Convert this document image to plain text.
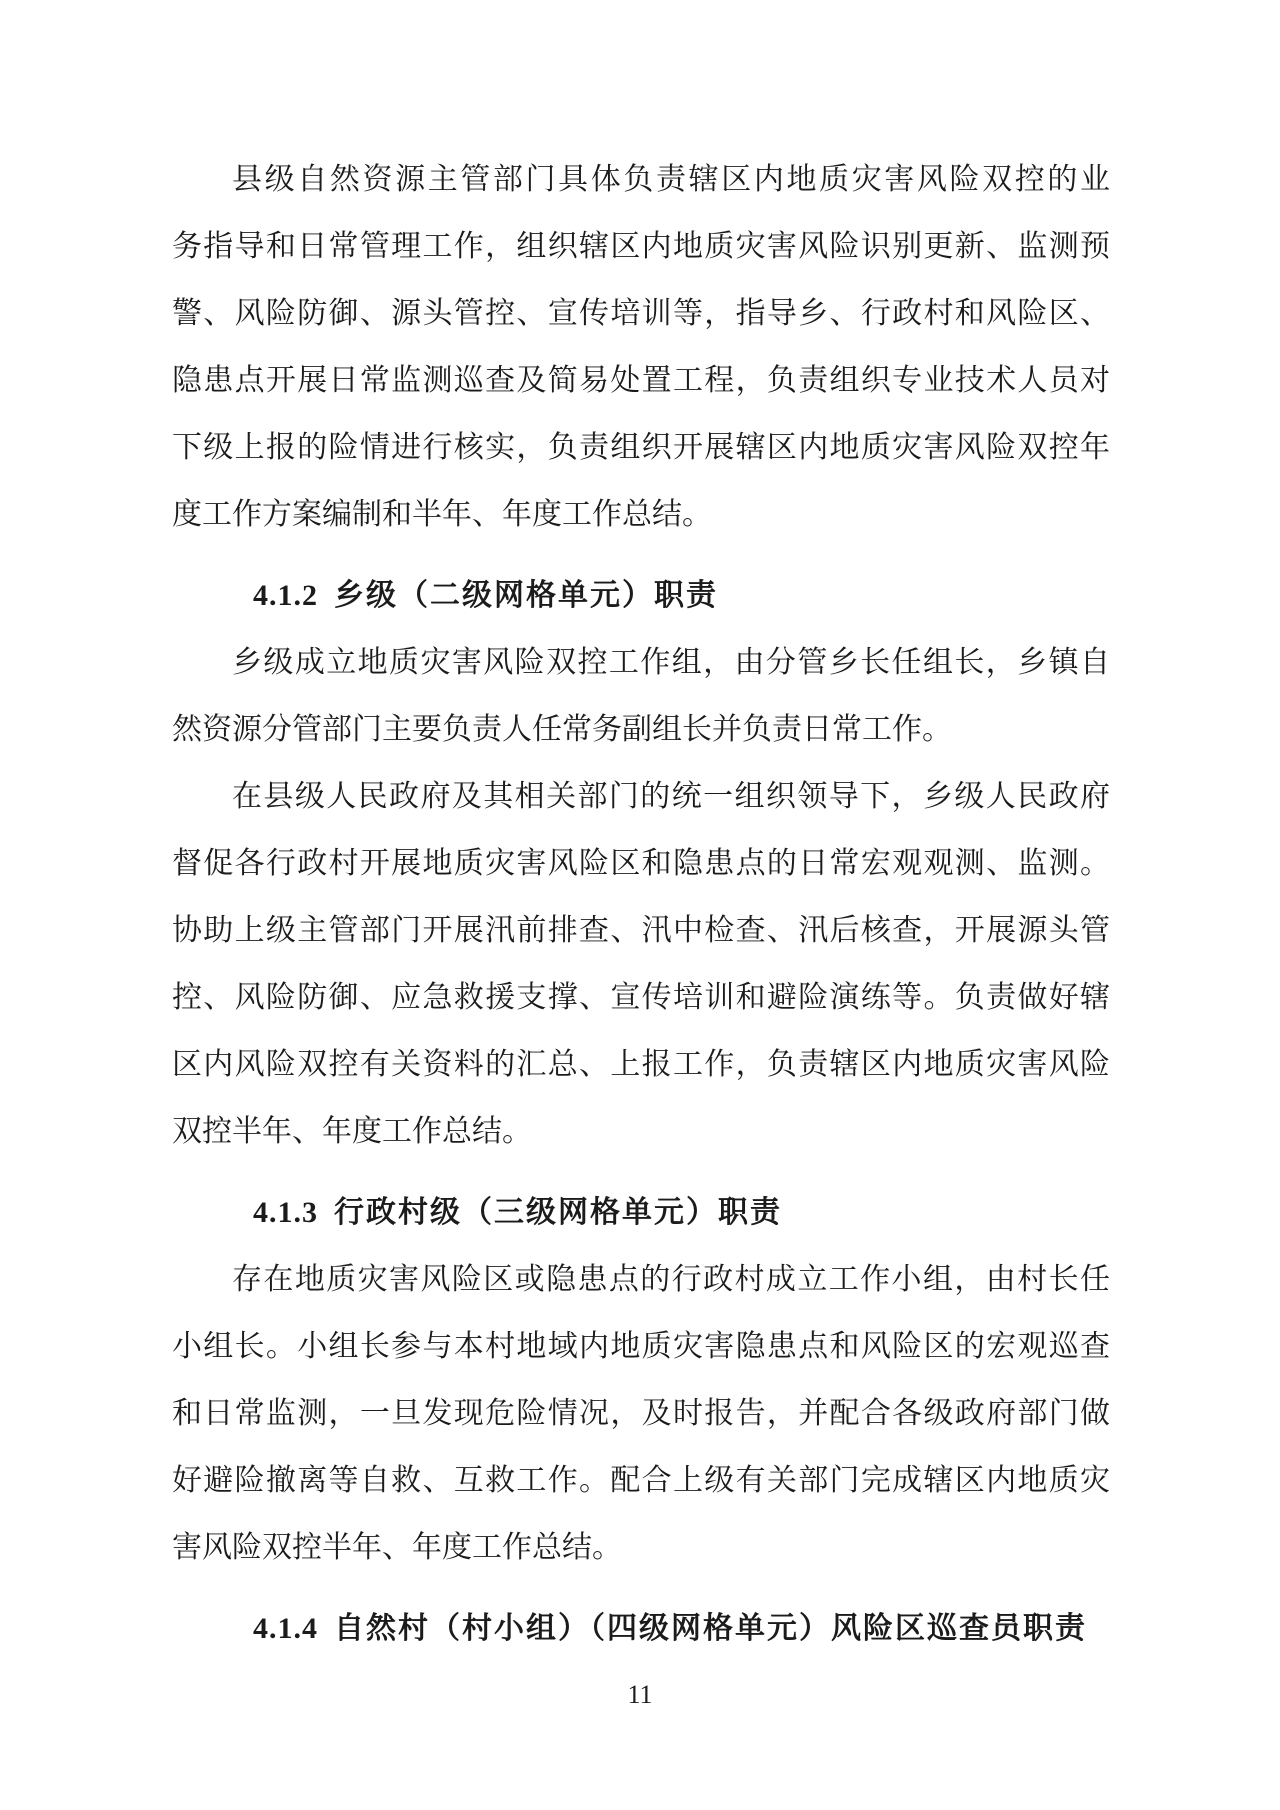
县级自然资源主管部门具体负责辖区内地质灾害风险双控的业
务指导和日常管理工作，组织辖区内地质灾害风险识别更新、监测预
警、风险防御、源头管控、宣传培训等，指导乡、行政村和风险区、
隐患点开展日常监测巡查及简易处置工程，负责组织专业技术人员对
下级上报的险情进行核实，负责组织开展辖区内地质灾害风险双控年
度工作方案编制和半年、年度工作总结。
4.1.2 乡级（二级网格单元）职责
乡级成立地质灾害风险双控工作组，由分管乡长任组长，乡镇自
然资源分管部门主要负责人任常务副组长并负责日常工作。
在县级人民政府及其相关部门的统一组织领导下，乡级人民政府
督促各行政村开展地质灾害风险区和隐患点的日常宏观观测、监测。
协助上级主管部门开展汛前排查、汛中检查、汛后核查，开展源头管
控、风险防御、应急救援支撑、宣传培训和避险演练等。负责做好辖
区内风险双控有关资料的汇总、上报工作，负责辖区内地质灾害风险
双控半年、年度工作总结。
4.1.3 行政村级（三级网格单元）职责
存在地质灾害风险区或隐患点的行政村成立工作小组，由村长任
小组长。小组长参与本村地域内地质灾害隐患点和风险区的宏观巡查
和日常监测，一旦发现危险情况，及时报告，并配合各级政府部门做
好避险撤离等自救、互救工作。配合上级有关部门完成辖区内地质灾
害风险双控半年、年度工作总结。
4.1.4 自然村（村小组）（四级网格单元）风险区巡查员职责
11
